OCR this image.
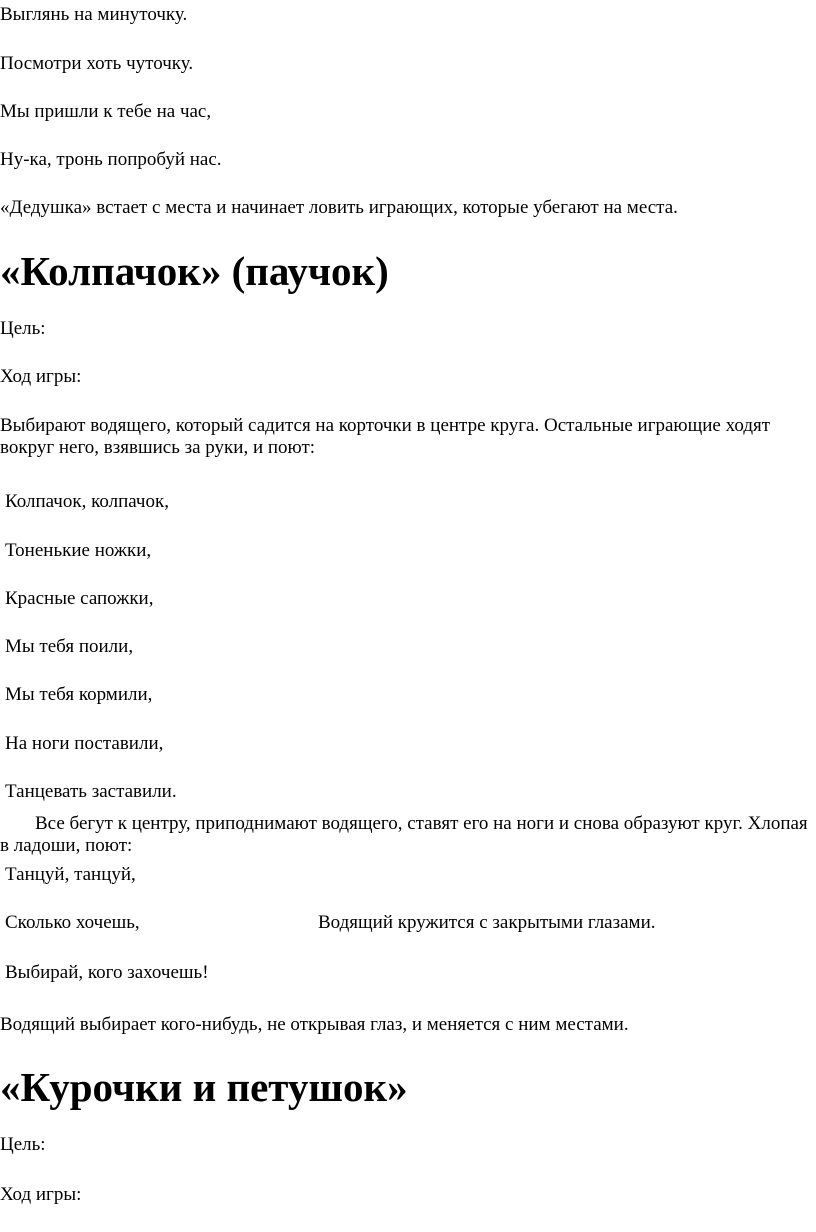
Выглянь на минуточку.

Посмотри хоть чуточку.

Мы пришли к тебе на час,

Ну-ка, тронь попробуй нас.

«Дедушка» встает с места и начинает ловить играющих, которые убегают на места.

«Колпачок» (паучок)

Цель:

Ход игры:

Выбирают водящего, который садится на корточки в центре круга. Остальные играющие ходят вокруг него, взявшись за руки, и поют:

Колпачок, колпачок,

Тоненькие ножки,

Красные сапожки,

Мы тебя поили,

Мы тебя кормили,

На ноги поставили,

Танцевать заставили.

Все бегут к центру, приподнимают водящего, ставят его на ноги и снова образуют круг. Хлопая в ладоши, поют:

Танцуй, танцуй,

Сколько хочешь,	Водящий кружится с закрытыми глазами.

Выбирай, кого захочешь!

Водящий выбирает кого-нибудь, не открывая глаз, и меняется с ним местами.

«Курочки и петушок»

Цель:

Ход игры:
